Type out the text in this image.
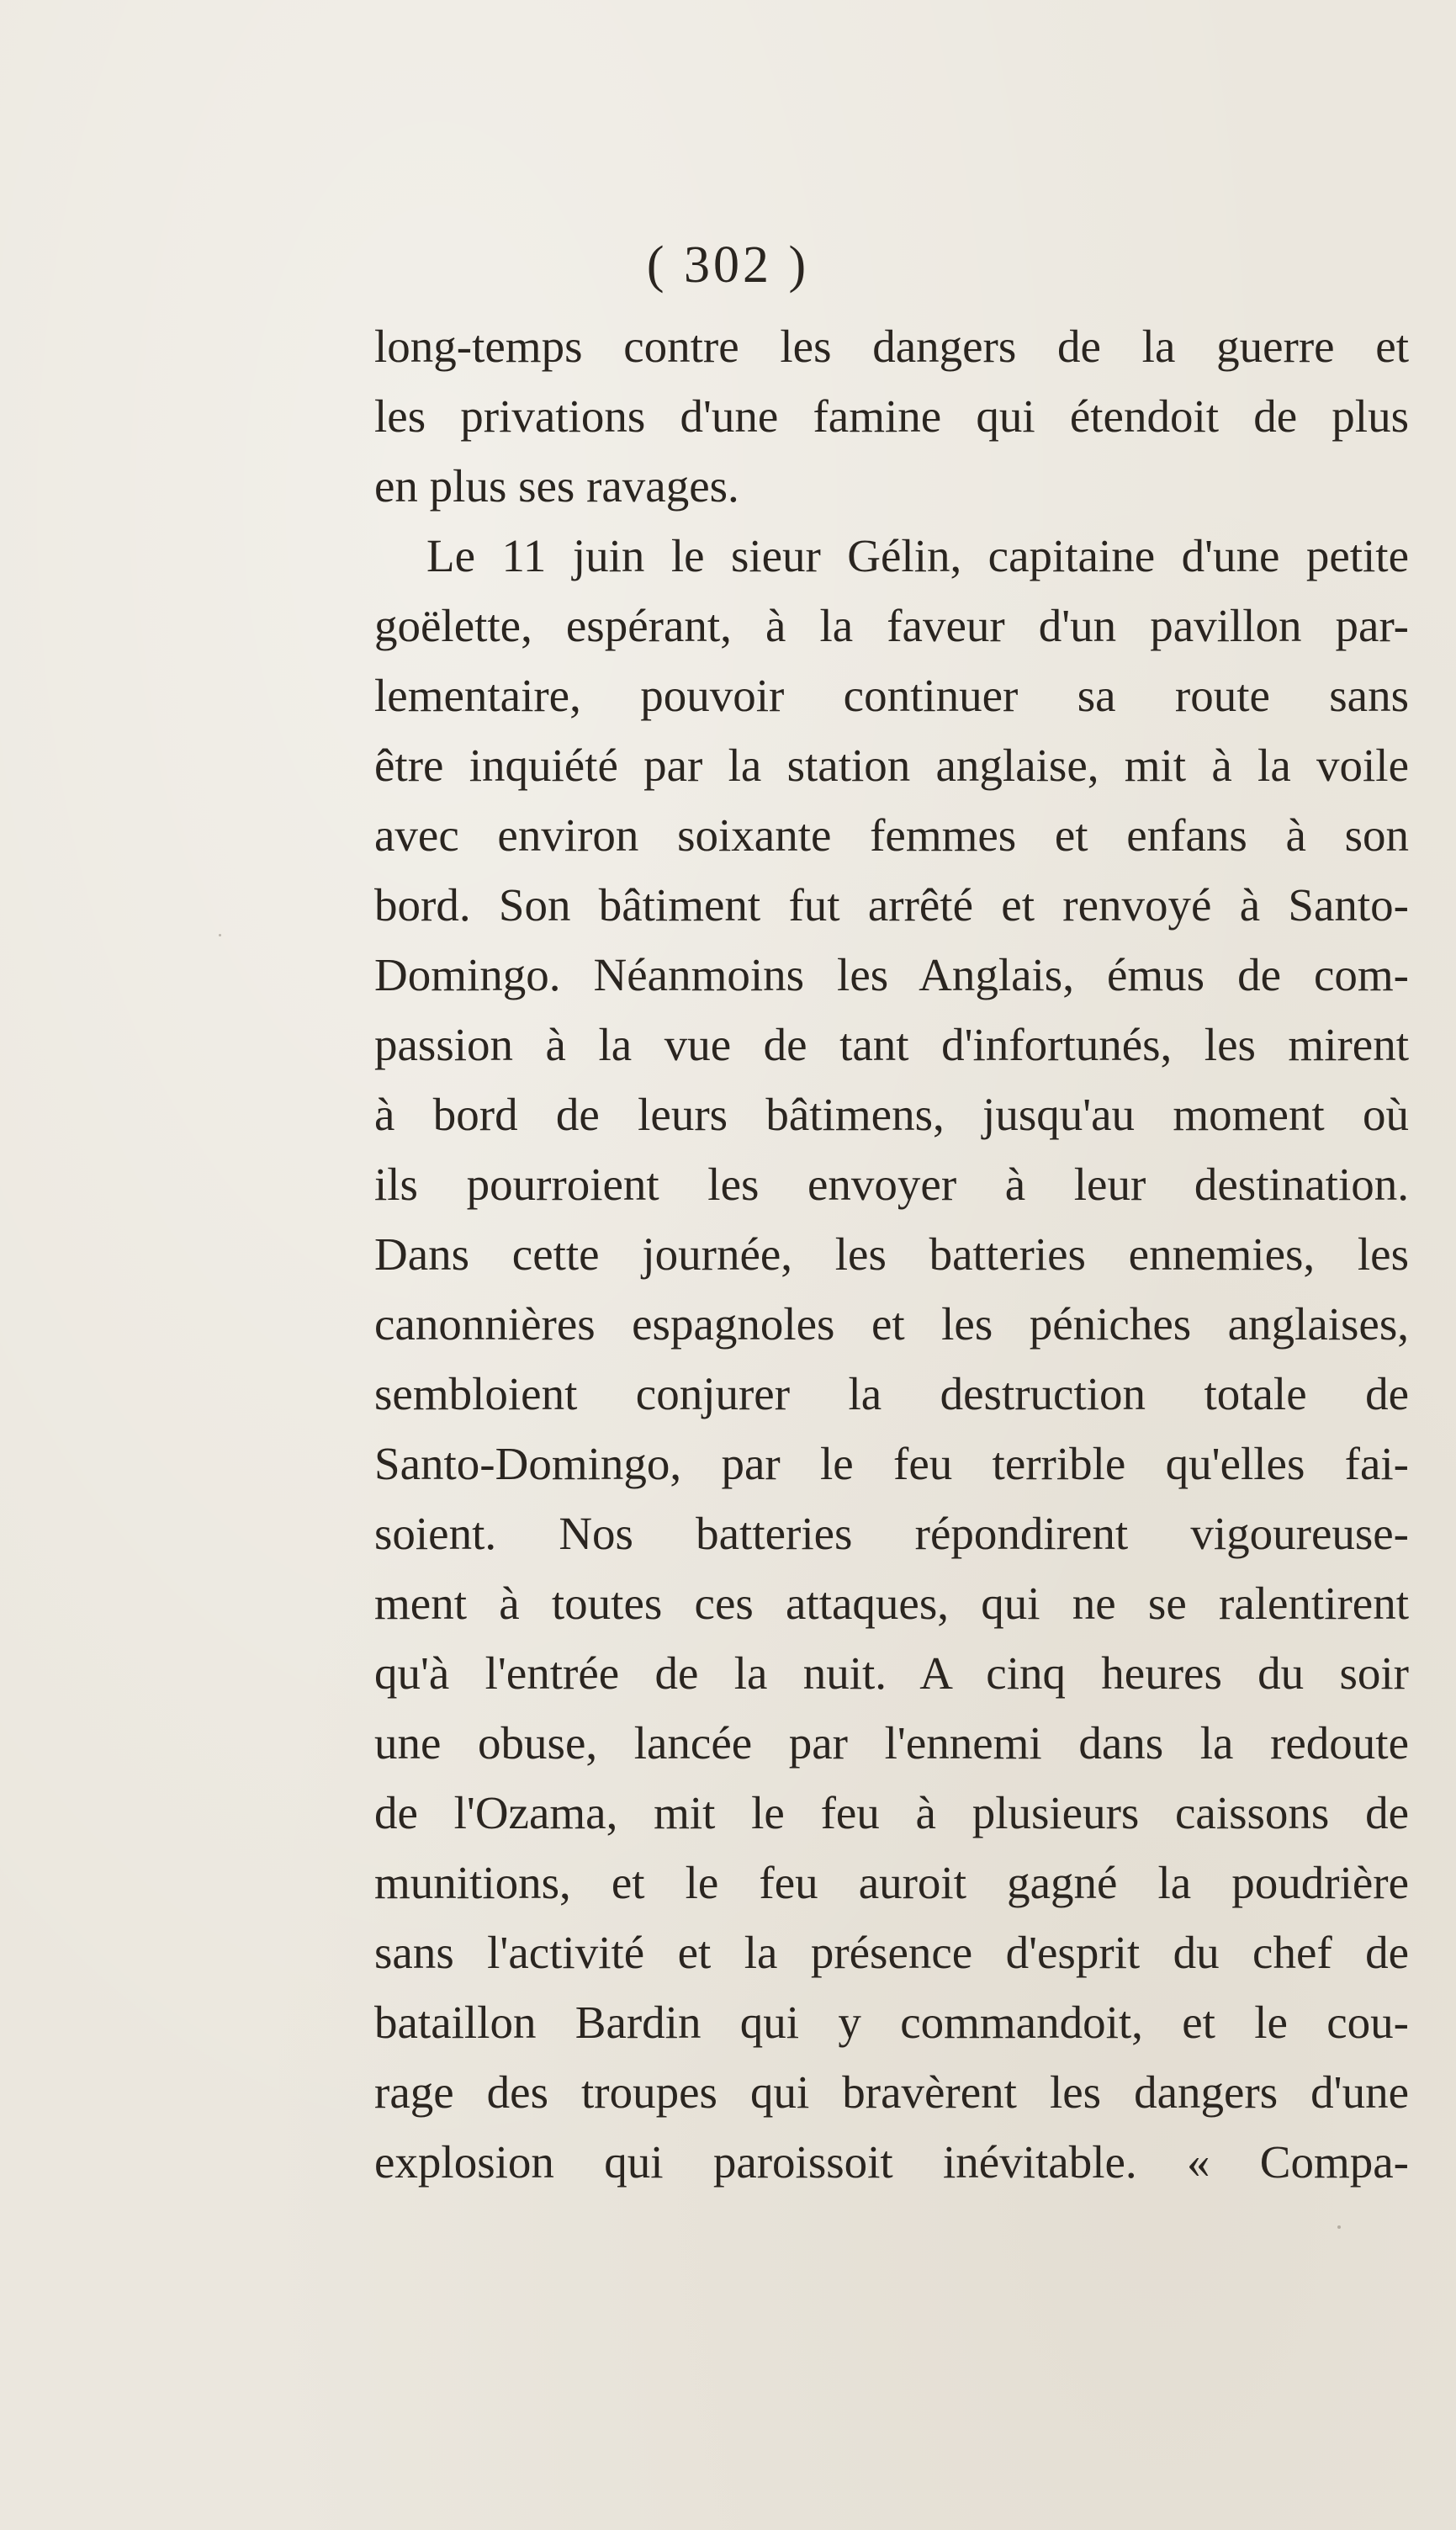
( 302 )
long-temps contre les dangers de la guerre et
les privations d'une famine qui étendoit de plus
en plus ses ravages.
Le 11 juin le sieur Gélin, capitaine d'une petite
goëlette, espérant, à la faveur d'un pavillon par-
lementaire, pouvoir continuer sa route sans
être inquiété par la station anglaise, mit à la voile
avec environ soixante femmes et enfans à son
bord. Son bâtiment fut arrêté et renvoyé à Santo-
Domingo. Néanmoins les Anglais, émus de com-
passion à la vue de tant d'infortunés, les mirent
à bord de leurs bâtimens, jusqu'au moment où
ils pourroient les envoyer à leur destination.
Dans cette journée, les batteries ennemies, les
canonnières espagnoles et les péniches anglaises,
sembloient conjurer la destruction totale de
Santo-Domingo, par le feu terrible qu'elles fai-
soient. Nos batteries répondirent vigoureuse-
ment à toutes ces attaques, qui ne se ralentirent
qu'à l'entrée de la nuit. A cinq heures du soir
une obuse, lancée par l'ennemi dans la redoute
de l'Ozama, mit le feu à plusieurs caissons de
munitions, et le feu auroit gagné la poudrière
sans l'activité et la présence d'esprit du chef de
bataillon Bardin qui y commandoit, et le cou-
rage des troupes qui bravèrent les dangers d'une
explosion qui paroissoit inévitable. « Compa-
